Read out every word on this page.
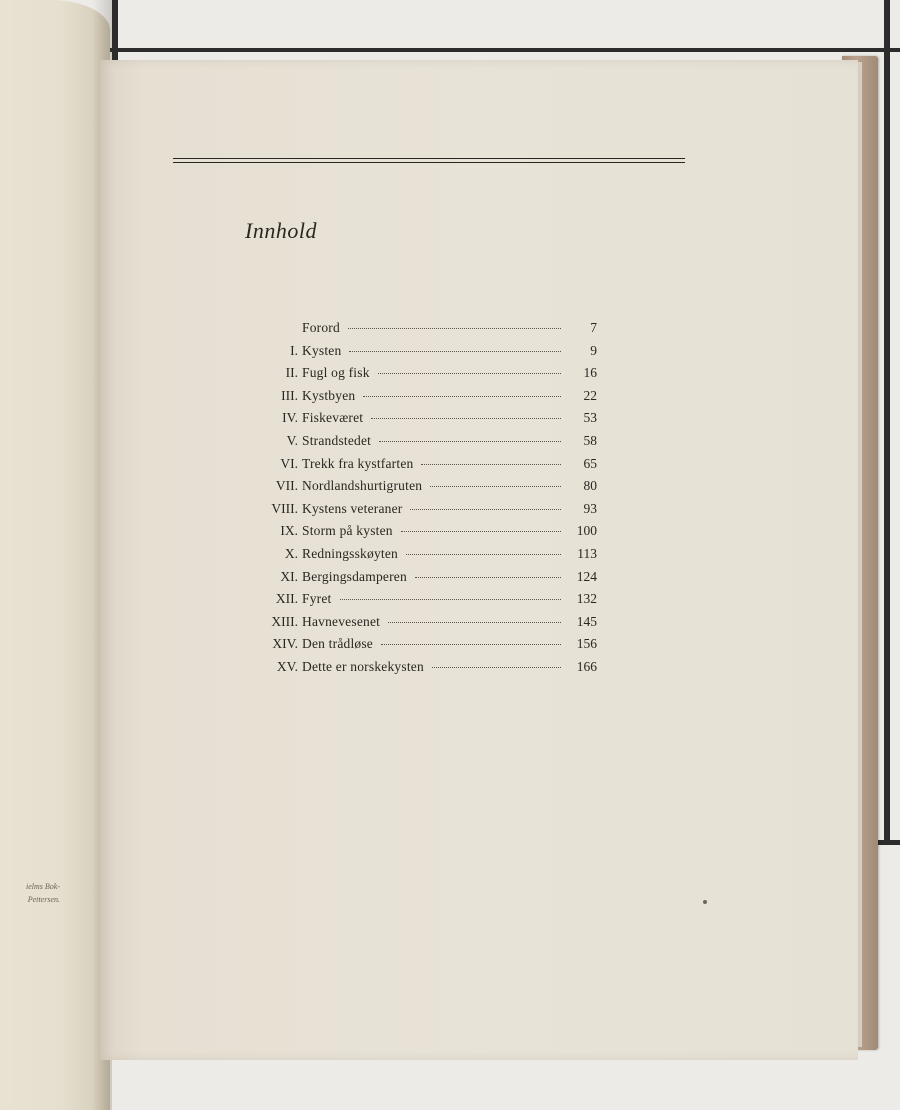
ielms Bok-
Pettersen.
Innhold
Forord	7
I. Kysten	9
II. Fugl og fisk	16
III. Kystbyen	22
IV. Fiskeværet	53
V. Strandstedet	58
VI. Trekk fra kystfarten	65
VII. Nordlandshurtigruten	80
VIII. Kystens veteraner	93
IX. Storm på kysten	100
X. Redningsskøyten	113
XI. Bergingsdamperen	124
XII. Fyret	132
XIII. Havnevesenet	145
XIV. Den trådløse	156
XV. Dette er norskekysten	166
